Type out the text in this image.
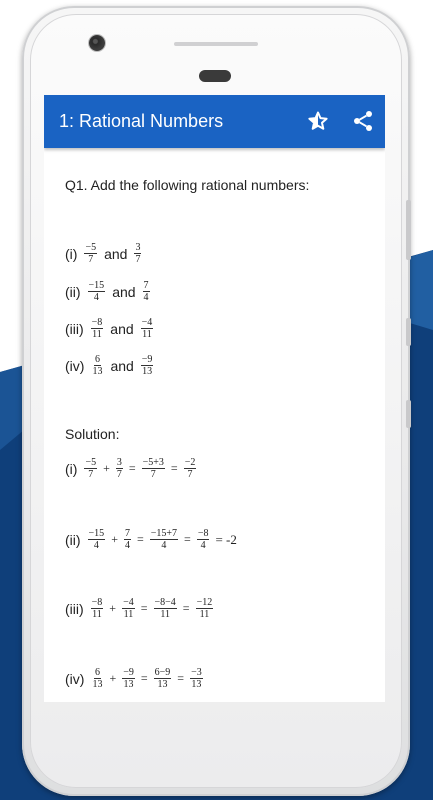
1: Rational Numbers
Q1. Add the following rational numbers:
$(i) \frac{-5}{7}$ and $\frac{3}{7}$
$(ii) \frac{-15}{4}$ and $\frac{7}{4}$
$(iii) \frac{-8}{11}$ and $\frac{-4}{11}$
$(iv) \frac{6}{13}$ and $\frac{-9}{13}$
Solution:
$(i) \frac{-5}{7} + \frac{3}{7} = \frac{-5+3}{7} = \frac{-2}{7}$
$(ii) \frac{-15}{4} + \frac{7}{4} = \frac{-15+7}{4} = \frac{-8}{4} = -2$
$(iii) \frac{-8}{11} + \frac{-4}{11} = \frac{-8-4}{11} = \frac{-12}{11}$
$(iv) \frac{6}{13} + \frac{-9}{13} = \frac{6-9}{13} = \frac{-3}{13}$
